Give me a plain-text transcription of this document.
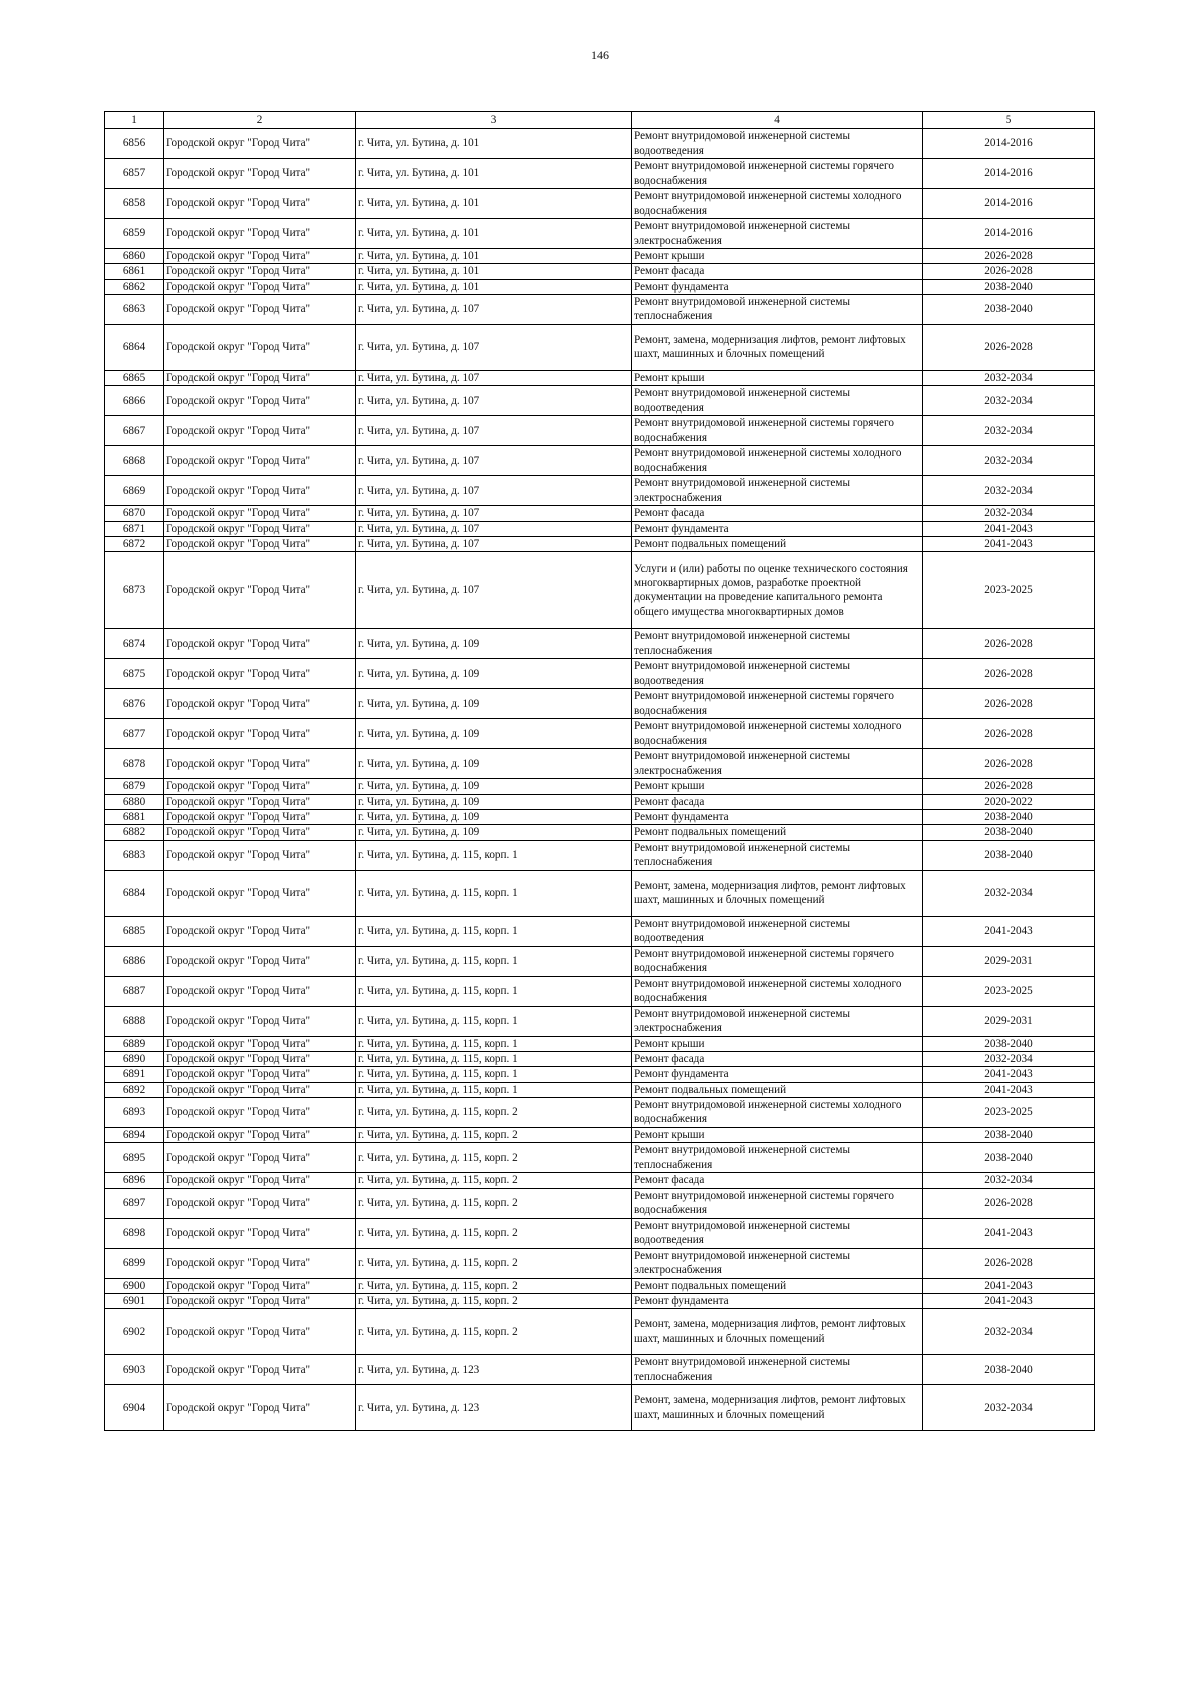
146
1	2	3	4	5
6856	Городской округ "Город Чита"	г. Чита, ул. Бутина, д. 101	Ремонт внутридомовой инженерной системы водоотведения	2014-2016
6857	Городской округ "Город Чита"	г. Чита, ул. Бутина, д. 101	Ремонт внутридомовой инженерной системы горячего водоснабжения	2014-2016
6858	Городской округ "Город Чита"	г. Чита, ул. Бутина, д. 101	Ремонт внутридомовой инженерной системы холодного водоснабжения	2014-2016
6859	Городской округ "Город Чита"	г. Чита, ул. Бутина, д. 101	Ремонт внутридомовой инженерной системы электроснабжения	2014-2016
6860	Городской округ "Город Чита"	г. Чита, ул. Бутина, д. 101	Ремонт крыши	2026-2028
6861	Городской округ "Город Чита"	г. Чита, ул. Бутина, д. 101	Ремонт фасада	2026-2028
6862	Городской округ "Город Чита"	г. Чита, ул. Бутина, д. 101	Ремонт фундамента	2038-2040
6863	Городской округ "Город Чита"	г. Чита, ул. Бутина, д. 107	Ремонт внутридомовой инженерной системы теплоснабжения	2038-2040
6864	Городской округ "Город Чита"	г. Чита, ул. Бутина, д. 107	Ремонт, замена, модернизация лифтов, ремонт лифтовых шахт, машинных и блочных помещений	2026-2028
6865	Городской округ "Город Чита"	г. Чита, ул. Бутина, д. 107	Ремонт крыши	2032-2034
6866	Городской округ "Город Чита"	г. Чита, ул. Бутина, д. 107	Ремонт внутридомовой инженерной системы водоотведения	2032-2034
6867	Городской округ "Город Чита"	г. Чита, ул. Бутина, д. 107	Ремонт внутридомовой инженерной системы горячего водоснабжения	2032-2034
6868	Городской округ "Город Чита"	г. Чита, ул. Бутина, д. 107	Ремонт внутридомовой инженерной системы холодного водоснабжения	2032-2034
6869	Городской округ "Город Чита"	г. Чита, ул. Бутина, д. 107	Ремонт внутридомовой инженерной системы электроснабжения	2032-2034
6870	Городской округ "Город Чита"	г. Чита, ул. Бутина, д. 107	Ремонт фасада	2032-2034
6871	Городской округ "Город Чита"	г. Чита, ул. Бутина, д. 107	Ремонт фундамента	2041-2043
6872	Городской округ "Город Чита"	г. Чита, ул. Бутина, д. 107	Ремонт подвальных помещений	2041-2043
6873	Городской округ "Город Чита"	г. Чита, ул. Бутина, д. 107	Услуги и (или) работы по оценке технического состояния многоквартирных домов, разработке проектной документации на проведение капитального ремонта общего имущества многоквартирных домов	2023-2025
6874	Городской округ "Город Чита"	г. Чита, ул. Бутина, д. 109	Ремонт внутридомовой инженерной системы теплоснабжения	2026-2028
6875	Городской округ "Город Чита"	г. Чита, ул. Бутина, д. 109	Ремонт внутридомовой инженерной системы водоотведения	2026-2028
6876	Городской округ "Город Чита"	г. Чита, ул. Бутина, д. 109	Ремонт внутридомовой инженерной системы горячего водоснабжения	2026-2028
6877	Городской округ "Город Чита"	г. Чита, ул. Бутина, д. 109	Ремонт внутридомовой инженерной системы холодного водоснабжения	2026-2028
6878	Городской округ "Город Чита"	г. Чита, ул. Бутина, д. 109	Ремонт внутридомовой инженерной системы электроснабжения	2026-2028
6879	Городской округ "Город Чита"	г. Чита, ул. Бутина, д. 109	Ремонт крыши	2026-2028
6880	Городской округ "Город Чита"	г. Чита, ул. Бутина, д. 109	Ремонт фасада	2020-2022
6881	Городской округ "Город Чита"	г. Чита, ул. Бутина, д. 109	Ремонт фундамента	2038-2040
6882	Городской округ "Город Чита"	г. Чита, ул. Бутина, д. 109	Ремонт подвальных помещений	2038-2040
6883	Городской округ "Город Чита"	г. Чита, ул. Бутина, д. 115, корп. 1	Ремонт внутридомовой инженерной системы теплоснабжения	2038-2040
6884	Городской округ "Город Чита"	г. Чита, ул. Бутина, д. 115, корп. 1	Ремонт, замена, модернизация лифтов, ремонт лифтовых шахт, машинных и блочных помещений	2032-2034
6885	Городской округ "Город Чита"	г. Чита, ул. Бутина, д. 115, корп. 1	Ремонт внутридомовой инженерной системы водоотведения	2041-2043
6886	Городской округ "Город Чита"	г. Чита, ул. Бутина, д. 115, корп. 1	Ремонт внутридомовой инженерной системы горячего водоснабжения	2029-2031
6887	Городской округ "Город Чита"	г. Чита, ул. Бутина, д. 115, корп. 1	Ремонт внутридомовой инженерной системы холодного водоснабжения	2023-2025
6888	Городской округ "Город Чита"	г. Чита, ул. Бутина, д. 115, корп. 1	Ремонт внутридомовой инженерной системы электроснабжения	2029-2031
6889	Городской округ "Город Чита"	г. Чита, ул. Бутина, д. 115, корп. 1	Ремонт крыши	2038-2040
6890	Городской округ "Город Чита"	г. Чита, ул. Бутина, д. 115, корп. 1	Ремонт фасада	2032-2034
6891	Городской округ "Город Чита"	г. Чита, ул. Бутина, д. 115, корп. 1	Ремонт фундамента	2041-2043
6892	Городской округ "Город Чита"	г. Чита, ул. Бутина, д. 115, корп. 1	Ремонт подвальных помещений	2041-2043
6893	Городской округ "Город Чита"	г. Чита, ул. Бутина, д. 115, корп. 2	Ремонт внутридомовой инженерной системы холодного водоснабжения	2023-2025
6894	Городской округ "Город Чита"	г. Чита, ул. Бутина, д. 115, корп. 2	Ремонт крыши	2038-2040
6895	Городской округ "Город Чита"	г. Чита, ул. Бутина, д. 115, корп. 2	Ремонт внутридомовой инженерной системы теплоснабжения	2038-2040
6896	Городской округ "Город Чита"	г. Чита, ул. Бутина, д. 115, корп. 2	Ремонт фасада	2032-2034
6897	Городской округ "Город Чита"	г. Чита, ул. Бутина, д. 115, корп. 2	Ремонт внутридомовой инженерной системы горячего водоснабжения	2026-2028
6898	Городской округ "Город Чита"	г. Чита, ул. Бутина, д. 115, корп. 2	Ремонт внутридомовой инженерной системы водоотведения	2041-2043
6899	Городской округ "Город Чита"	г. Чита, ул. Бутина, д. 115, корп. 2	Ремонт внутридомовой инженерной системы электроснабжения	2026-2028
6900	Городской округ "Город Чита"	г. Чита, ул. Бутина, д. 115, корп. 2	Ремонт подвальных помещений	2041-2043
6901	Городской округ "Город Чита"	г. Чита, ул. Бутина, д. 115, корп. 2	Ремонт фундамента	2041-2043
6902	Городской округ "Город Чита"	г. Чита, ул. Бутина, д. 115, корп. 2	Ремонт, замена, модернизация лифтов, ремонт лифтовых шахт, машинных и блочных помещений	2032-2034
6903	Городской округ "Город Чита"	г. Чита, ул. Бутина, д. 123	Ремонт внутридомовой инженерной системы теплоснабжения	2038-2040
6904	Городской округ "Город Чита"	г. Чита, ул. Бутина, д. 123	Ремонт, замена, модернизация лифтов, ремонт лифтовых шахт, машинных и блочных помещений	2032-2034
